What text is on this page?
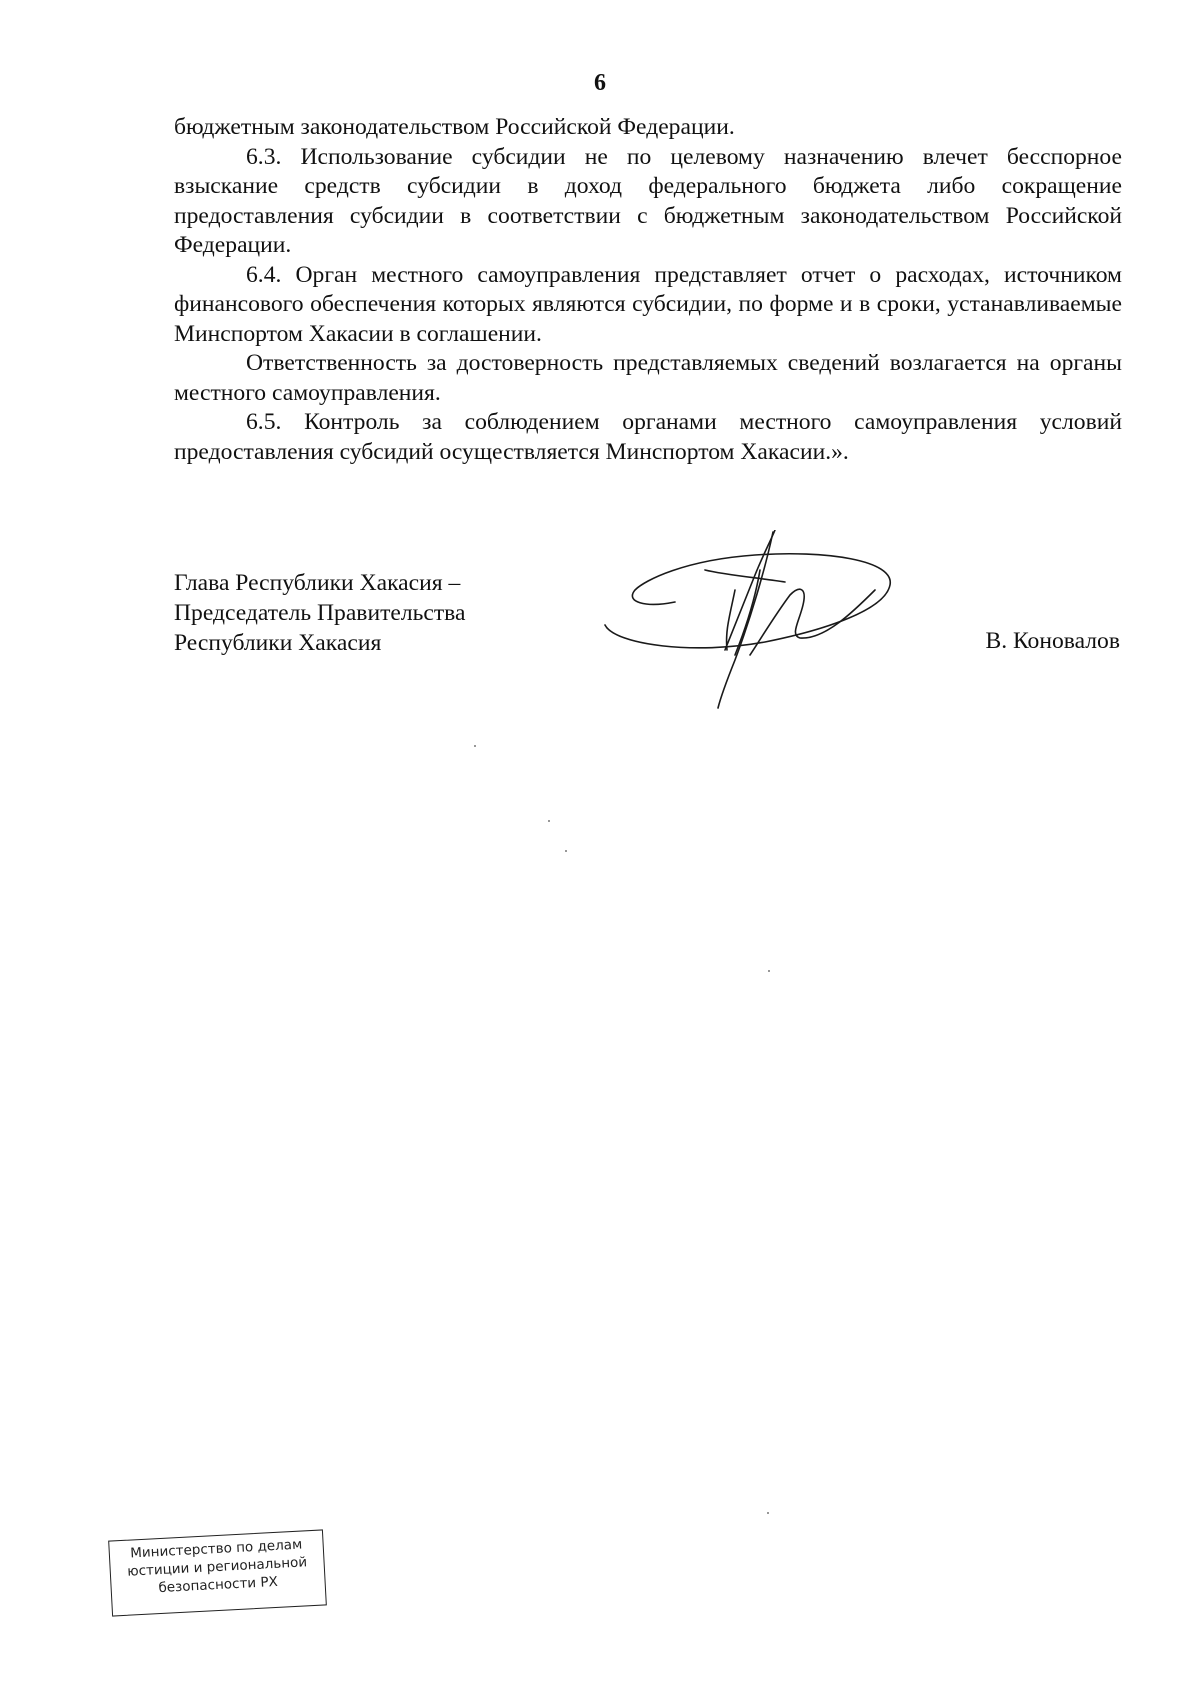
6

бюджетным законодательством Российской Федерации.

6.3. Использование субсидии не по целевому назначению влечет бесспорное взыскание средств субсидии в доход федерального бюджета либо сокращение предоставления субсидии в соответствии с бюджетным законодательством Российской Федерации.

6.4. Орган местного самоуправления представляет отчет о расходах, источником финансового обеспечения которых являются субсидии, по форме и в сроки, устанавливаемые Минспортом Хакасии в соглашении.

Ответственность за достоверность представляемых сведений возлагается на органы местного самоуправления.

6.5. Контроль за соблюдением органами местного самоуправления условий предоставления субсидий осуществляется Минспортом Хакасии.».

Глава Республики Хакасия –
Председатель Правительства
Республики Хакасия	В. Коновалов
Министерство по делам
юстиции и региональной
безопасности РХ
